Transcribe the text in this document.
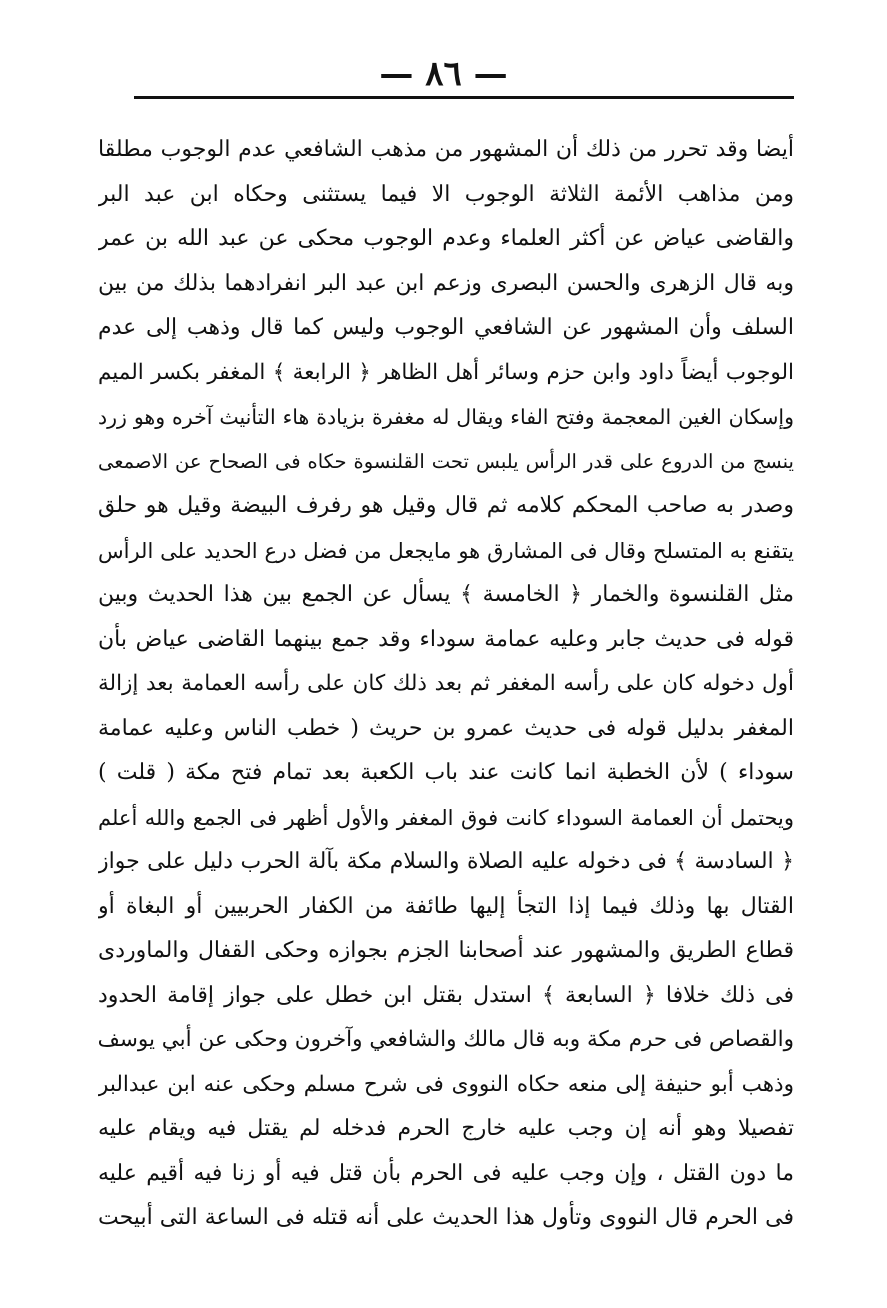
— ٨٦ —
أيضا وقد تحرر من ذلك أن المشهور من مذهب الشافعي عدم الوجوب مطلقا
ومن مذاهب الأئمة الثلاثة الوجوب الا فيما يستثنى وحكاه ابن عبد البر
والقاضى عياض عن أكثر العلماء وعدم الوجوب محكى عن عبد الله بن عمر
وبه قال الزهرى والحسن البصرى وزعم ابن عبد البر انفرادهما بذلك من بين
السلف وأن المشهور عن الشافعي الوجوب وليس كما قال وذهب إلى عدم
الوجوب أيضاً داود وابن حزم وسائر أهل الظاهر ﴿ الرابعة ﴾ المغفر بكسر الميم
وإسكان الغين المعجمة وفتح الفاء ويقال له مغفرة بزيادة هاء التأنيث آخره وهو زرد
ينسج من الدروع على قدر الرأس يلبس تحت القلنسوة حكاه فى الصحاح عن الاصمعى
وصدر به صاحب المحكم كلامه ثم قال وقيل هو رفرف البيضة وقيل هو حلق
يتقنع به المتسلح وقال فى المشارق هو مايجعل من فضل درع الحديد على الرأس
مثل القلنسوة والخمار ﴿ الخامسة ﴾ يسأل عن الجمع بين هذا الحديث وبين
قوله فى حديث جابر وعليه عمامة سوداء وقد جمع بينهما القاضى عياض بأن
أول دخوله كان على رأسه المغفر ثم بعد ذلك كان على رأسه العمامة بعد إزالة
المغفر بدليل قوله فى حديث عمرو بن حريث ( خطب الناس وعليه عمامة
سوداء ) لأن الخطبة انما كانت عند باب الكعبة بعد تمام فتح مكة ( قلت )
ويحتمل أن العمامة السوداء كانت فوق المغفر والأول أظهر فى الجمع والله أعلم
﴿ السادسة ﴾ فى دخوله عليه الصلاة والسلام مكة بآلة الحرب دليل على جواز
القتال بها وذلك فيما إذا التجأ إليها طائفة من الكفار الحربيين أو البغاة أو
قطاع الطريق والمشهور عند أصحابنا الجزم بجوازه وحكى القفال والماوردى
فى ذلك خلافا ﴿ السابعة ﴾ استدل بقتل ابن خطل على جواز إقامة الحدود
والقصاص فى حرم مكة وبه قال مالك والشافعي وآخرون وحكى عن أبي يوسف
وذهب أبو حنيفة إلى منعه حكاه النووى فى شرح مسلم وحكى عنه ابن عبدالبر
تفصيلا وهو أنه إن وجب عليه خارج الحرم فدخله لم يقتل فيه ويقام عليه
ما دون القتل ، وإن وجب عليه فى الحرم بأن قتل فيه أو زنا فيه أقيم عليه
فى الحرم قال النووى وتأول هذا الحديث على أنه قتله فى الساعة التى أبيحت
